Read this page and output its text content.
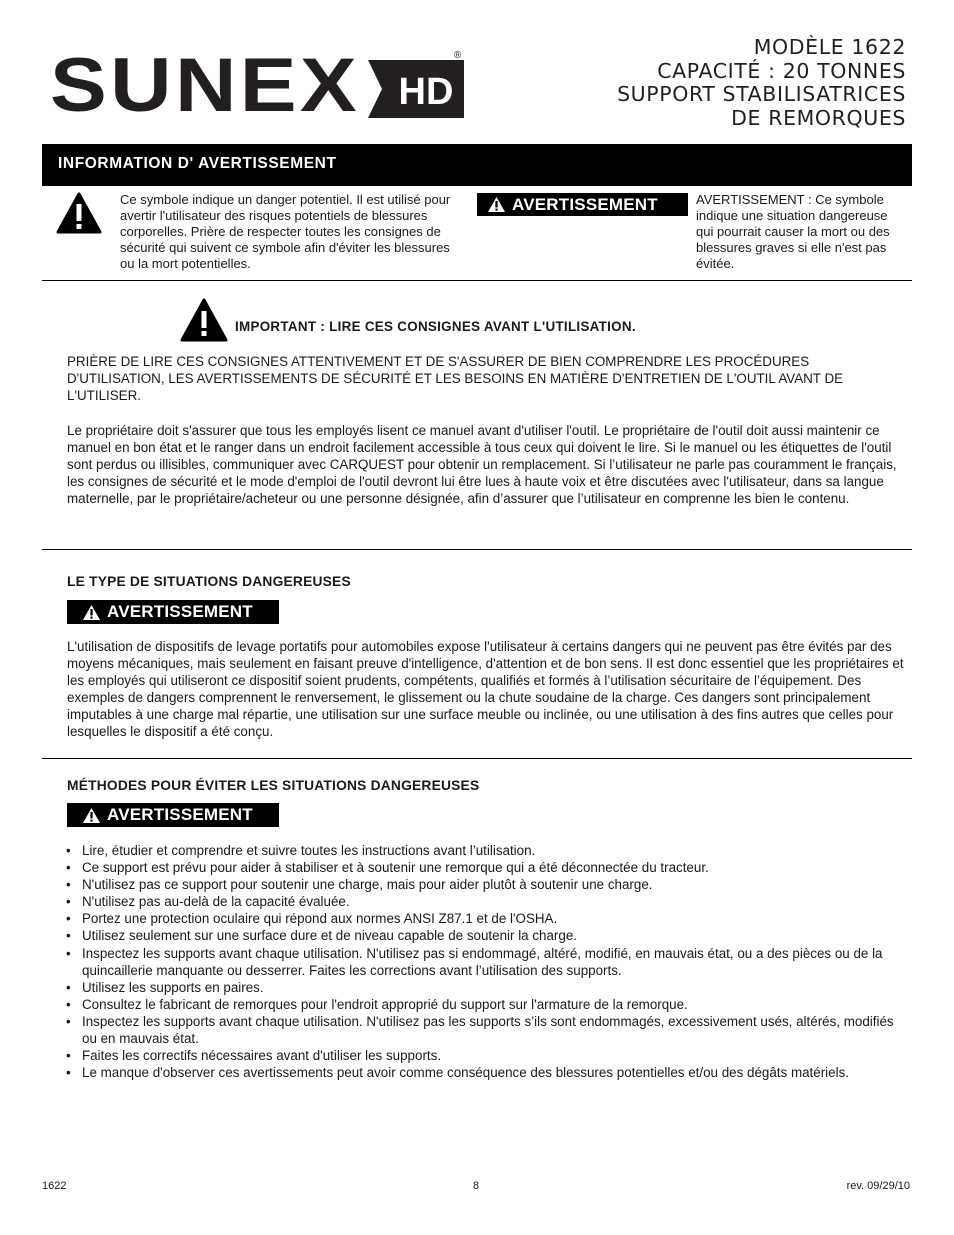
SUNEX HD
®	MODÈLE 1622
CAPACITÉ : 20 TONNES
SUPPORT STABILISATRICES
DE REMORQUES
INFORMATION D' AVERTISSEMENT
Ce symbole indique un danger potentiel. Il est utilisé pour avertir l'utilisateur des risques potentiels de blessures corporelles. Prière de respecter toutes les consignes de sécurité qui suivent ce symbole afin d'éviter les blessures ou la mort potentielles.
AVERTISSEMENT	AVERTISSEMENT : Ce symbole indique une situation dangereuse qui pourrait causer la mort ou des blessures graves si elle n'est pas évitée.
IMPORTANT : LIRE CES CONSIGNES AVANT L'UTILISATION.
PRIÈRE DE LIRE CES CONSIGNES ATTENTIVEMENT ET DE S'ASSURER DE BIEN COMPRENDRE LES PROCÉDURES D'UTILISATION, LES AVERTISSEMENTS DE SÉCURITÉ ET LES BESOINS EN MATIÈRE D'ENTRETIEN DE L'OUTIL AVANT DE L'UTILISER.
Le propriétaire doit s'assurer que tous les employés lisent ce manuel avant d'utiliser l'outil. Le propriétaire de l'outil doit aussi maintenir ce manuel en bon état et le ranger dans un endroit facilement accessible à tous ceux qui doivent le lire. Si le manuel ou les étiquettes de l'outil sont perdus ou illisibles, communiquer avec CARQUEST pour obtenir un remplacement. Si l’utilisateur ne parle pas couramment le français, les consignes de sécurité et le mode d'emploi de l'outil devront lui être lues à haute voix et être discutées avec l'utilisateur, dans sa langue maternelle, par le propriétaire/acheteur ou une personne désignée, afin d’assurer que l’utilisateur en comprenne les bien le contenu.
LE TYPE DE SITUATIONS DANGEREUSES
AVERTISSEMENT
L'utilisation de dispositifs de levage portatifs pour automobiles expose l'utilisateur à certains dangers qui ne peuvent pas être évités par des moyens mécaniques, mais seulement en faisant preuve d'intelligence, d'attention et de bon sens. Il est donc essentiel que les propriétaires et les employés qui utiliseront ce dispositif soient prudents, compétents, qualifiés et formés à l’utilisation sécuritaire de l’équipement. Des exemples de dangers comprennent le renversement, le glissement ou la chute soudaine de la charge. Ces dangers sont principalement imputables à une charge mal répartie, une utilisation sur une surface meuble ou inclinée, ou une utilisation à des fins autres que celles pour lesquelles le dispositif a été conçu.
MÉTHODES POUR ÉVITER LES SITUATIONS DANGEREUSES
AVERTISSEMENT
• Lire, étudier et comprendre et suivre toutes les instructions avant l’utilisation.
• Ce support est prévu pour aider à stabiliser et à soutenir une remorque qui a été déconnectée du tracteur.
• N'utilisez pas ce support pour soutenir une charge, mais pour aider plutôt à soutenir une charge.
• N'utilisez pas au-delà de la capacité évaluée.
• Portez une protection oculaire qui répond aux normes ANSI Z87.1 et de l'OSHA.
• Utilisez seulement sur une surface dure et de niveau capable de soutenir la charge.
• Inspectez les supports avant chaque utilisation. N'utilisez pas si endommagé, altéré, modifié, en mauvais état, ou a des pièces ou de la quincaillerie manquante ou desserrer. Faites les corrections avant l’utilisation des supports.
• Utilisez les supports en paires.
• Consultez le fabricant de remorques pour l'endroit approprié du support sur l'armature de la remorque.
• Inspectez les supports avant chaque utilisation. N'utilisez pas les supports s’ils sont endommagés, excessivement usés, altérés, modifiés ou en mauvais état.
• Faites les correctifs nécessaires avant d'utiliser les supports.
• Le manque d'observer ces avertissements peut avoir comme conséquence des blessures potentielles et/ou des dégâts matériels.
1622	8	rev. 09/29/10
